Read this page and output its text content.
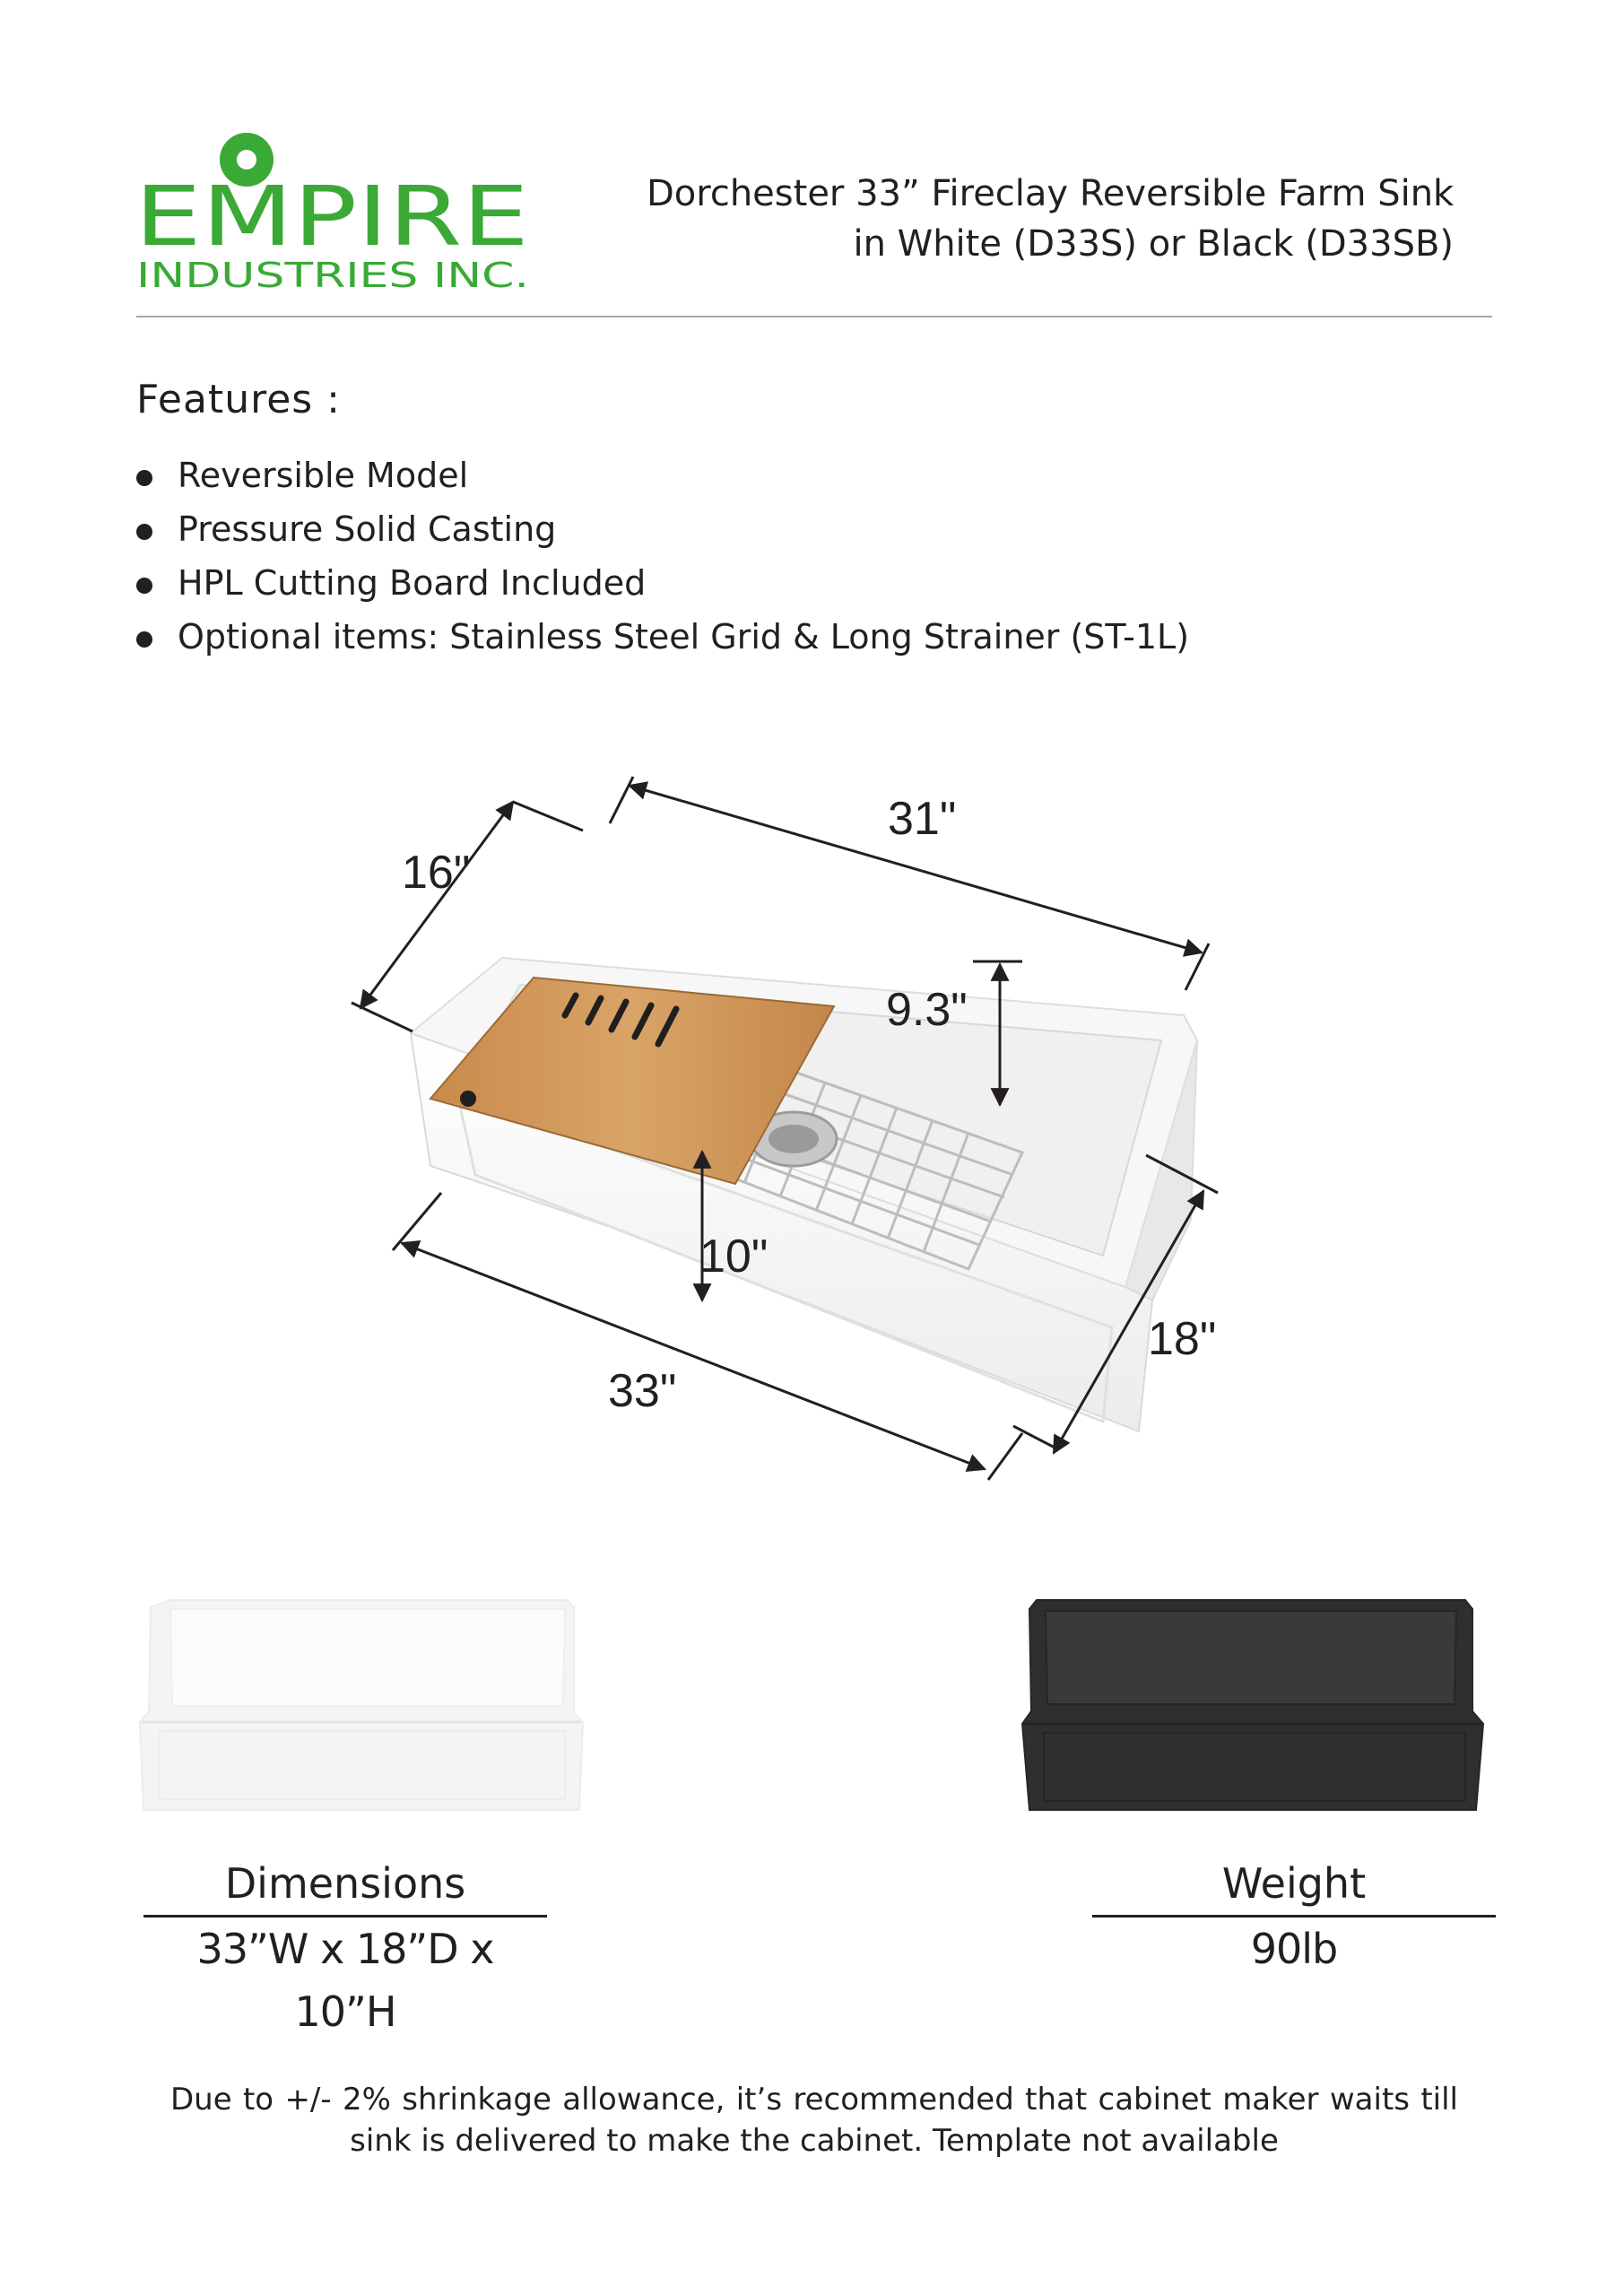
EMPIRE
INDUSTRIES INC.
Dorchester 33” Fireclay Reversible Farm Sink
in White (D33S) or Black (D33SB)
Features :
Reversible Model
Pressure Solid Casting
HPL Cutting Board Included
Optional items: Stainless Steel Grid & Long Strainer (ST-1L)
16"
31"
9.3"
10"
33"
18"
Dimensions
33”W x 18”D x 10”H
Weight
90lb
Due to +/- 2% shrinkage allowance, it’s recommended that cabinet maker waits till sink is delivered to make the cabinet. Template not available
